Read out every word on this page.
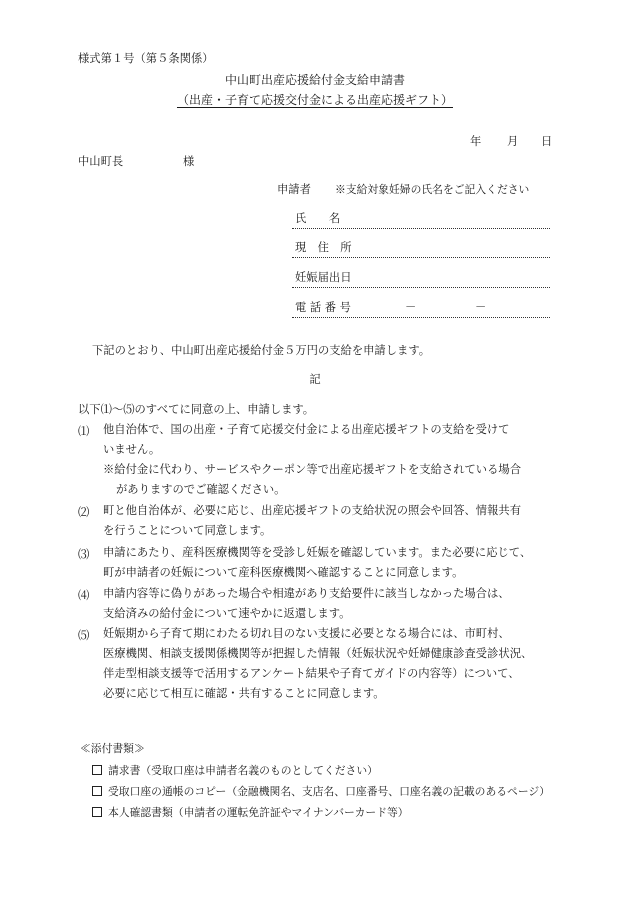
様式第１号（第５条関係）
中山町出産応援給付金支給申請書
（出産・子育て応援交付金による出産応援ギフト）
年 月 日
中山町長	様
申請者 ※支給対象妊婦の氏名をご記入ください
氏　　名
現　住　所
妊娠届出日
電 話 番 号	－	－
下記のとおり、中山町出産応援給付金５万円の支給を申請します。
記
以下⑴～⑸のすべてに同意の上、申請します。
⑴ 他自治体で、国の出産・子育て応援交付金による出産応援ギフトの支給を受けて
いません。
※給付金に代わり、サービスやクーポン等で出産応援ギフトを支給されている場合
がありますのでご確認ください。
⑵ 町と他自治体が、必要に応じ、出産応援ギフトの支給状況の照会や回答、情報共有
を行うことについて同意します。
⑶ 申請にあたり、産科医療機関等を受診し妊娠を確認しています。また必要に応じて、
町が申請者の妊娠について産科医療機関へ確認することに同意します。
⑷ 申請内容等に偽りがあった場合や相違があり支給要件に該当しなかった場合は、
支給済みの給付金について速やかに返還します。
⑸ 妊娠期から子育て期にわたる切れ目のない支援に必要となる場合には、市町村、
医療機関、相談支援関係機関等が把握した情報（妊娠状況や妊婦健康診査受診状況、
伴走型相談支援等で活用するアンケート結果や子育てガイドの内容等）について、
必要に応じて相互に確認・共有することに同意します。
≪添付書類≫
請求書（受取口座は申請者名義のものとしてください）
受取口座の通帳のコピー（金融機関名、支店名、口座番号、口座名義の記載のあるページ）
本人確認書類（申請者の運転免許証やマイナンバーカード等）
